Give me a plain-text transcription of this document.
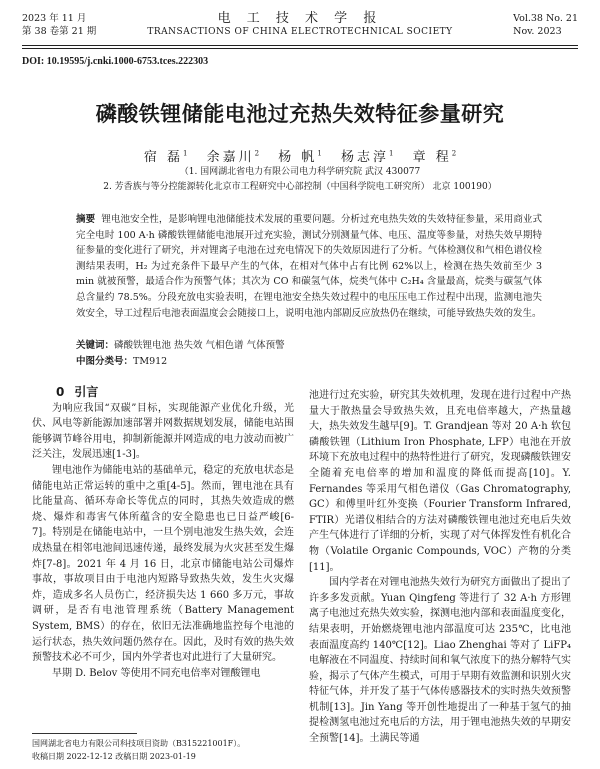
2023 年 11 月
第 38 卷第 21 期
电 工 技 术 学 报
TRANSACTIONS OF CHINA ELECTROTECHNICAL SOCIETY
Vol.38 No. 21
Nov. 2023
DOI: 10.19595/j.cnki.1000-6753.tces.222303
磷酸铁锂储能电池过充热失效特征参量研究
宿 磊$^1$ 余嘉川$^2$ 杨 帆$^1$ 杨志淳$^1$ 章 程$^2$
（1. 国网湖北省电力有限公司电力科学研究院 武汉 430077
2. 芳香族与等分控能源转化北京市工程研究中心部控制（中国科学院电工研究所） 北京 100190）
摘要 锂电池安全性，是影响锂电池储能技术发展的重要问题。分析过充电热失效的失效特征参量，采用商业式完全电时 100 A·h 磷酸铁锂储能电池展开过充实验，测试分别测量气体、电压、温度等参量，对热失效早期特征参量的变化进行了研究，并对锂离子电池在过充电情况下的失效原因进行了分析。气体检测仪和气相色谱仪检测结果表明，H₂ 为过充条件下最早产生的气体，在相对气体中占有比例 62%以上，检测在热失效前至少 3 min 就被预警，最适合作为预警气体；其次为 CO 和碳氢气体，烷类气体中 C₂H₄ 含量最高，烷类与碳氢气体总含量约 78.5%。分段充放电实验表明，在锂电池安全热失效过程中的电压压电工作过程中出现，监测电池失效安全，导工过程后电池表面温度会会随接口上，说明电池内部剧反应放热仍在继续，可能导致热失效的发生。
关键词：磷酸铁锂电池 热失效 气相色谱 气体预警
中图分类号：TM912

0 引言

为响应我国“双碳”目标，实现能源产业优化升级，光伏、风电等新能源加速部署并网数据规划发展，储能电站围能够调节峰谷用电，抑制新能源并网造成的电力波动而被广泛关注，发展迅速[1-3]。

锂电池作为储能电站的基础单元，稳定的充放电状态是储能电站正常运转的重中之重[4-5]。然而，锂电池在具有比能量高、循环寿命长等优点的同时，其热失效造成的燃烧、爆炸和毒害气体所蕴含的安全隐患也已日益严峻[6-7]。特别是在储能电站中，一旦个别电池发生热失效，会连成热量在相邻电池间迅速传递，最终发展为火灾甚至发生爆炸[7-8]。2021 年 4 月 16 日，北京市储能电站公司爆炸事故，事故项目由于电池内短路导致热失效，发生火灾爆炸，造成多名人员伤亡，经济损失达 1 660 多万元，事故调研，是否有电池管理系统（Battery Management System, BMS）的存在，依旧无法准确地监控每个电池的运行状态，热失效问题仍然存在。因此，及时有效的热失效预警技术必不可少，国内外学者也对此进行了大量研究。

早期 D. Belov 等使用不同充电倍率对锂酸锂电

池进行过充实验，研究其失效机理，发现在进行过程中产热量大于散热量会导致热失效，且充电倍率越大，产热量越大，热失效发生越早[9]。T. Grandjean 等对 20 A·h 软包磷酸铁锂（Lithium Iron Phosphate, LFP）电池在开放环境下充放电过程中的热特性进行了研究，发现磷酸铁锂安全随着充电倍率的增加和温度的降低而提高[10]。Y. Fernandes 等采用气相色谱仪（Gas Chromatography, GC）和傅里叶红外变换（Fourier Transform Infrared, FTIR）光谱仪相结合的方法对磷酸铁锂电池过充电后失效产生气体进行了详细的分析，实现了对气体挥发性有机化合物（Volatile Organic Compounds, VOC）产物的分类[11]。

国内学者在对锂电池热失效行为研究方面做出了提出了许多多发贡献。Yuan Qingfeng 等进行了 32 A·h 方形锂离子电池过充热失效实验，探测电池内部和表面温度变化，结果表明，开始燃烧锂电池内部温度可达 235℃，比电池表面温度高约 140℃[12]。Liao Zhenghai 等对了 LiFP₄ 电解液在不同温度、持续时间和氧气浓度下的热分解特气实验，揭示了气体产生模式，可用于早期有效监测和识别火灾特征气体，并开发了基于气体传感器技术的实时热失效预警机制[13]。Jin Yang 等开创性地提出了一种基于氢气的抽提检测氢电池过充电后的方法，用于锂电池热失效的早期安全预警[14]。土满民等通

国网湖北省电力有限公司科技项目资助（B315221001F）。
收稿日期 2022-12-12 改稿日期 2023-01-19
